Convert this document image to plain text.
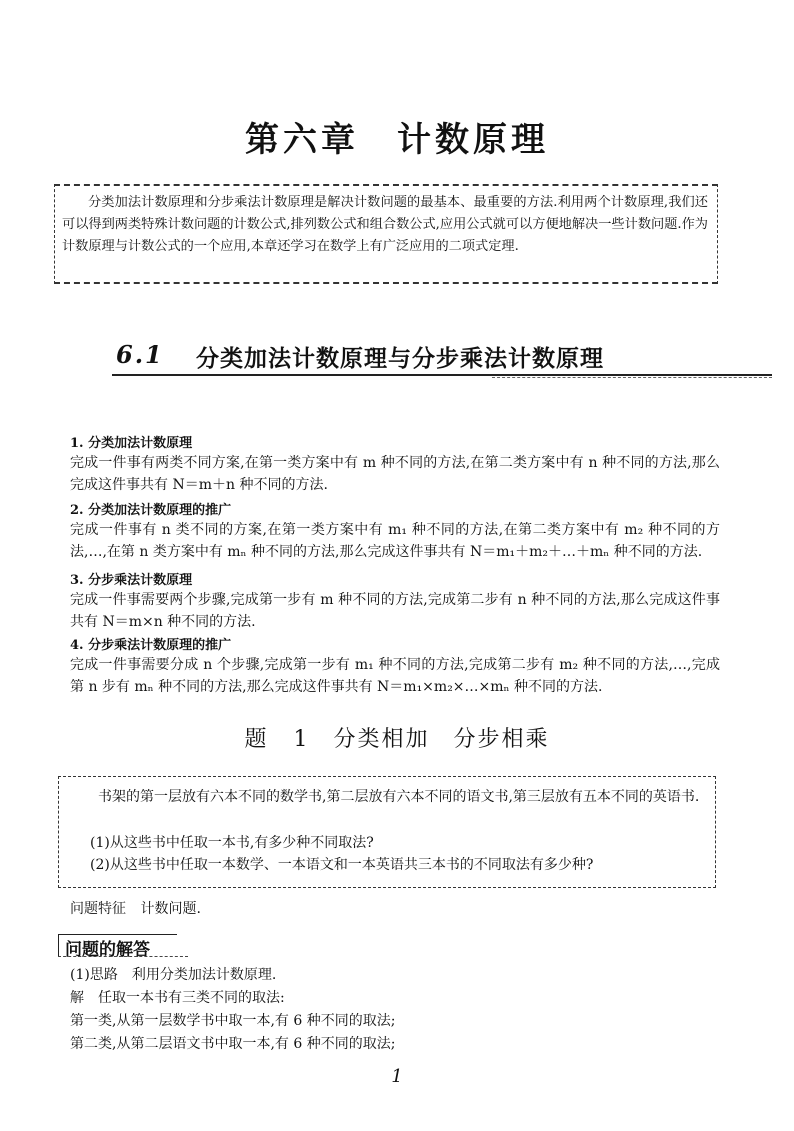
第六章　计数原理
分类加法计数原理和分步乘法计数原理是解决计数问题的最基本、最重要的方法.利用两个计数原理,我们还可以得到两类特殊计数问题的计数公式,排列数公式和组合数公式,应用公式就可以方便地解决一些计数问题.作为计数原理与计数公式的一个应用,本章还学习在数学上有广泛应用的二项式定理.
6.1 分类加法计数原理与分步乘法计数原理
1. 分类加法计数原理
完成一件事有两类不同方案,在第一类方案中有 m 种不同的方法,在第二类方案中有 n 种不同的方法,那么完成这件事共有 N＝m＋n 种不同的方法.
2. 分类加法计数原理的推广
完成一件事有 n 类不同的方案,在第一类方案中有 m₁ 种不同的方法,在第二类方案中有 m₂ 种不同的方法,…,在第 n 类方案中有 mₙ 种不同的方法,那么完成这件事共有 N＝m₁＋m₂＋…＋mₙ 种不同的方法.
3. 分步乘法计数原理
完成一件事需要两个步骤,完成第一步有 m 种不同的方法,完成第二步有 n 种不同的方法,那么完成这件事共有 N＝m×n 种不同的方法.
4. 分步乘法计数原理的推广
完成一件事需要分成 n 个步骤,完成第一步有 m₁ 种不同的方法,完成第二步有 m₂ 种不同的方法,…,完成第 n 步有 mₙ 种不同的方法,那么完成这件事共有 N＝m₁×m₂×…×mₙ 种不同的方法.
题 1　分类相加　分步相乘
书架的第一层放有六本不同的数学书,第二层放有六本不同的语文书,第三层放有五本不同的英语书.
(1)从这些书中任取一本书,有多少种不同取法?
(2)从这些书中任取一本数学、一本语文和一本英语共三本书的不同取法有多少种?
问题特征 计数问题.
问题的解答
(1)思路　利用分类加法计数原理.
解　任取一本书有三类不同的取法:
第一类,从第一层数学书中取一本,有 6 种不同的取法;
第二类,从第二层语文书中取一本,有 6 种不同的取法;
1
